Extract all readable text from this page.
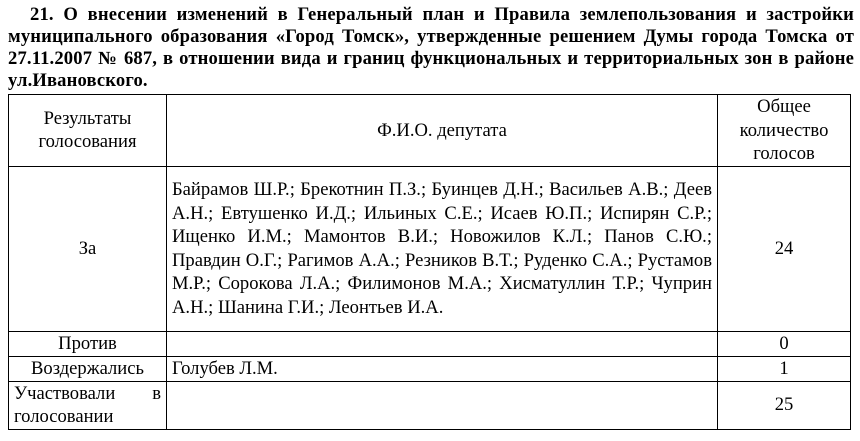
21. О внесении изменений в Генеральный план и Правила землепользования и застройки муниципального образования «Город Томск», утвержденные решением Думы города Томска от 27.11.2007 № 687, в отношении вида и границ функциональных и территориальных зон в районе ул.Ивановского.

Результаты голосования	Ф.И.О. депутата	Общее количество голосов
За	Байрамов Ш.Р.; Брекотнин П.З.; Буинцев Д.Н.; Васильев А.В.; Деев А.Н.; Евтушенко И.Д.; Ильиных С.Е.; Исаев Ю.П.; Испирян С.Р.; Ищенко И.М.; Мамонтов В.И.; Новожилов К.Л.; Панов С.Ю.; Правдин О.Г.; Рагимов А.А.; Резников В.Т.; Руденко С.А.; Рустамов М.Р.; Сорокова Л.А.; Филимонов М.А.; Хисматуллин Т.Р.; Чуприн А.Н.; Шанина Г.И.; Леонтьев И.А.	24
Против		0
Воздержались	Голубев Л.М.	1
Участвовали в голосовании		25
